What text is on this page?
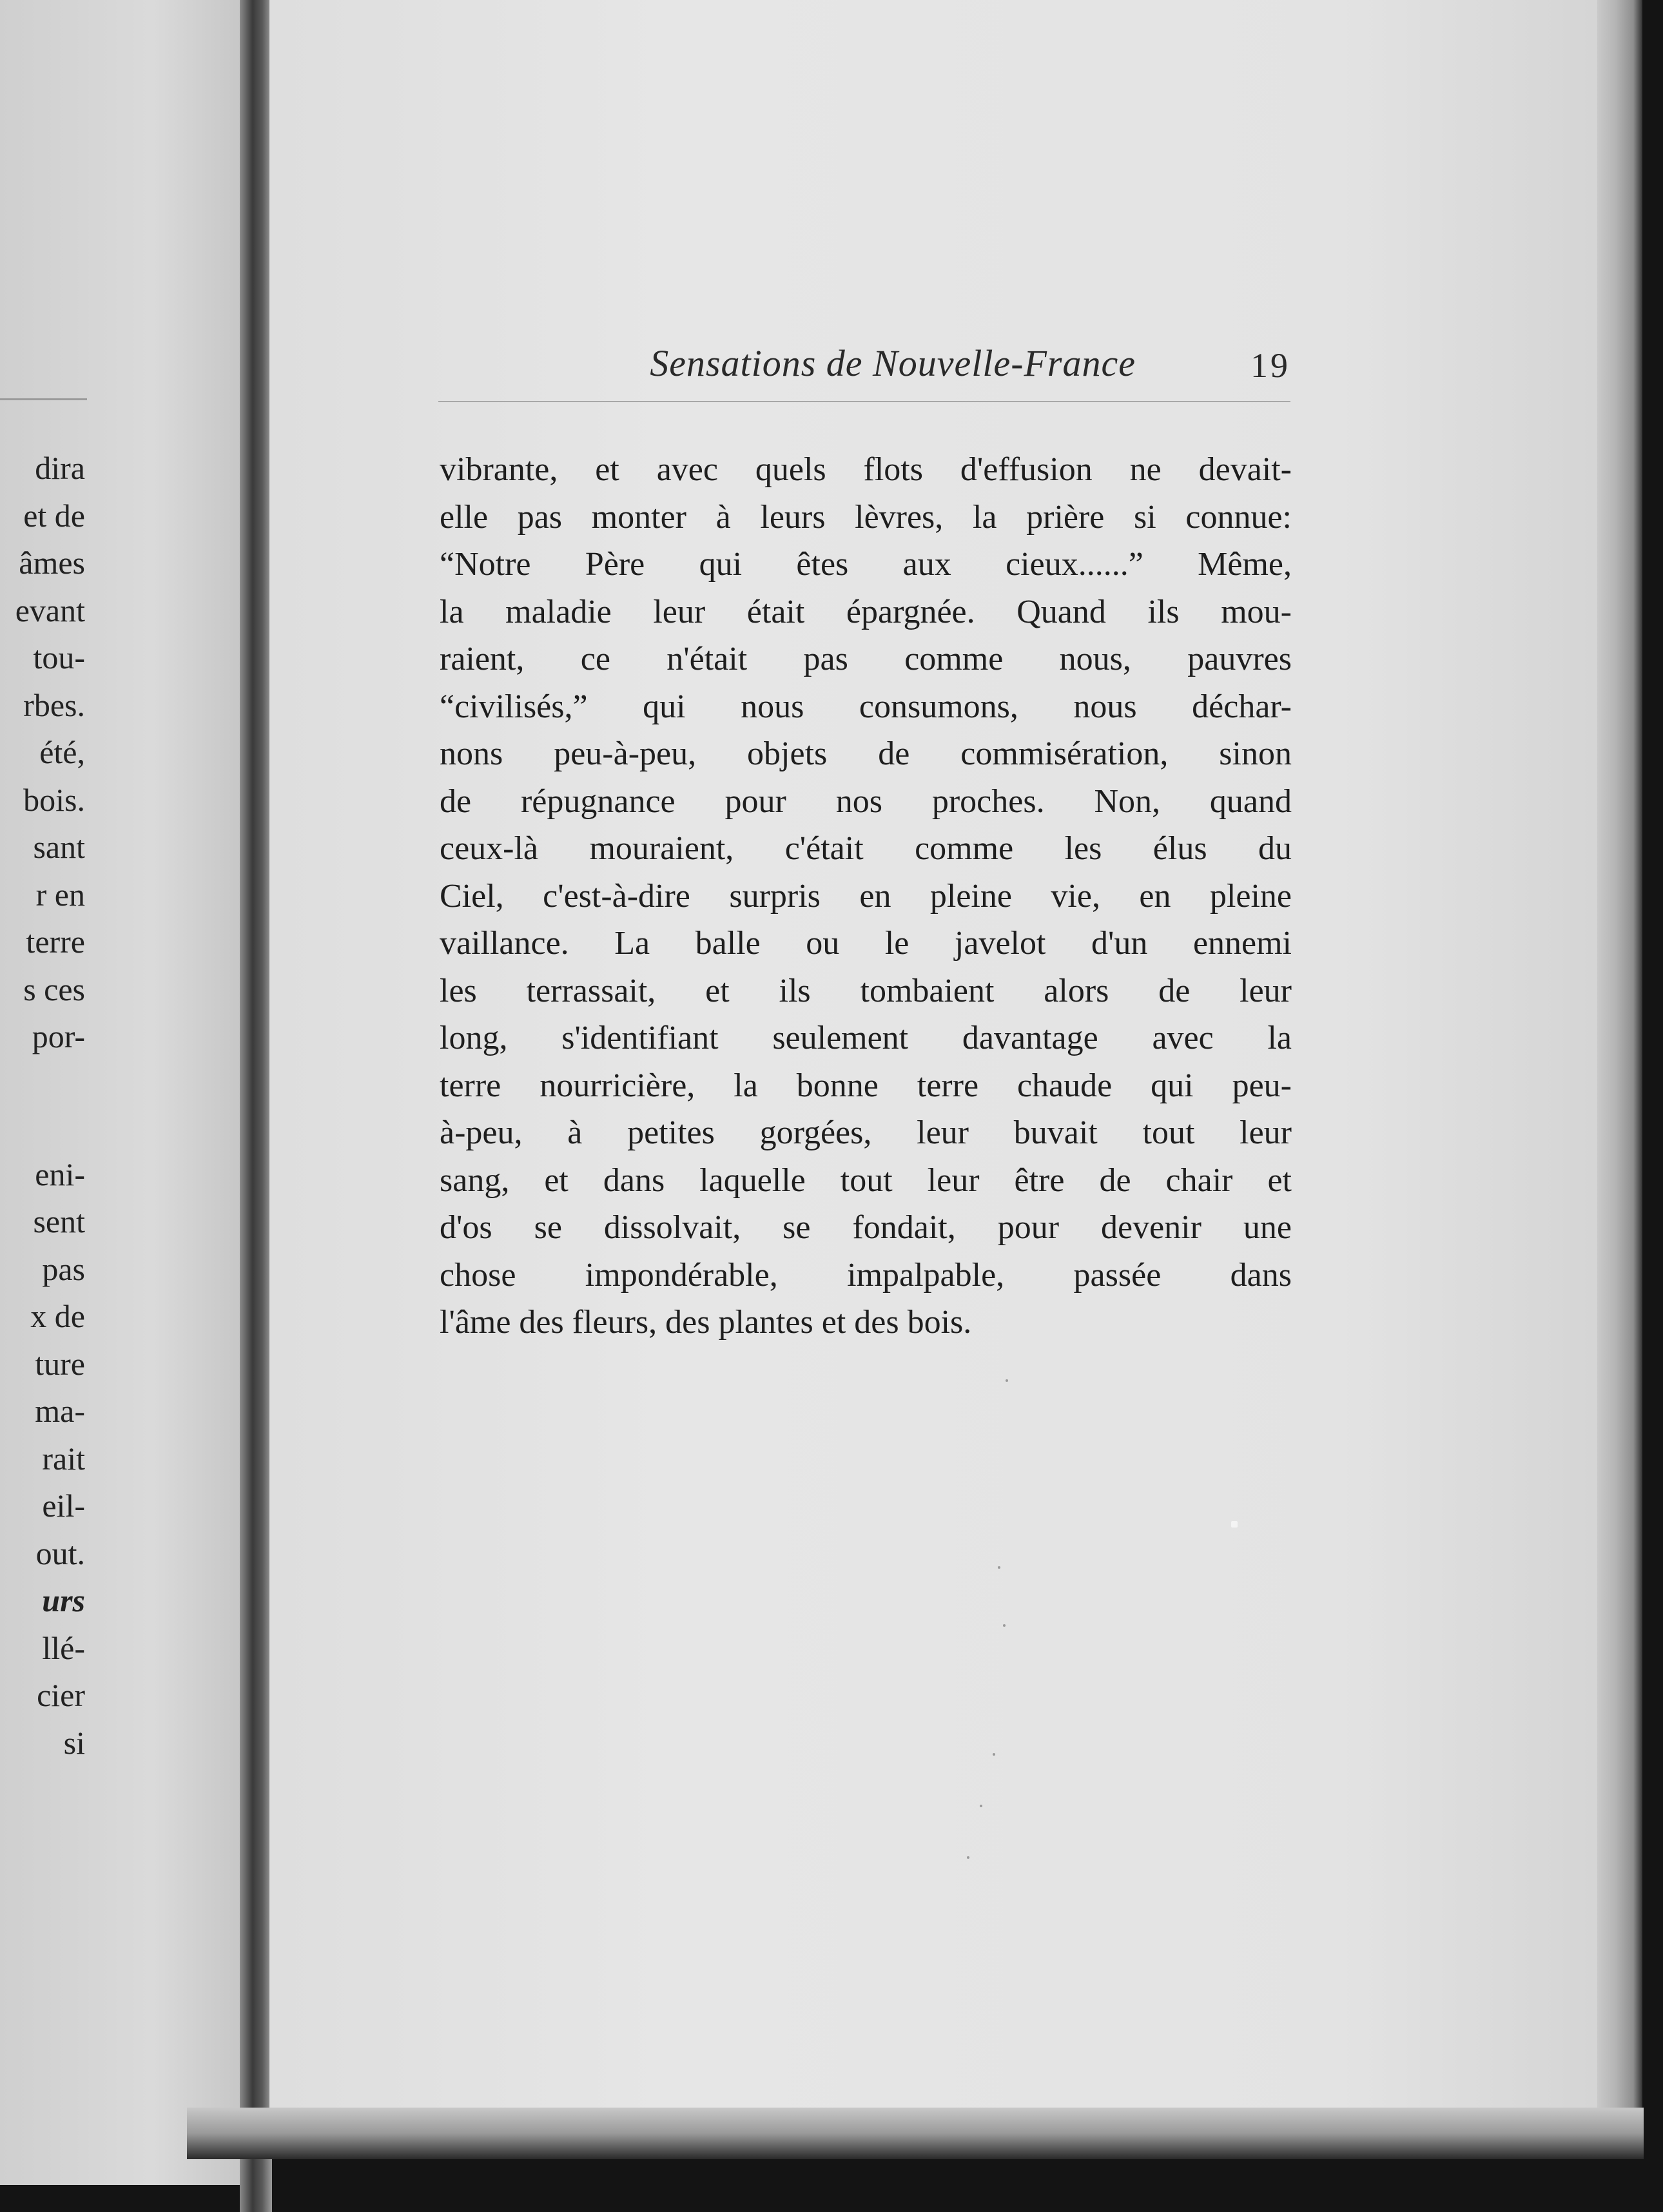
dira
et de
âmes
evant
tou-
rbes.
été,
bois.
sant
r en
terre
s ces
por-
eni-
sent
pas
x de
ture
ma-
rait
eil-
out.
urs
llé-
cier
si
Sensations de Nouvelle-France	19
vibrante, et avec quels flots d'effusion ne devait-
elle pas monter à leurs lèvres, la prière si connue:
“Notre Père qui êtes aux cieux......” Même,
la maladie leur était épargnée. Quand ils mou-
raient, ce n'était pas comme nous, pauvres
“civilisés,” qui nous consumons, nous déchar-
nons peu-à-peu, objets de commisération, sinon
de répugnance pour nos proches. Non, quand
ceux-là mouraient, c'était comme les élus du
Ciel, c'est-à-dire surpris en pleine vie, en pleine
vaillance. La balle ou le javelot d'un ennemi
les terrassait, et ils tombaient alors de leur
long, s'identifiant seulement davantage avec la
terre nourricière, la bonne terre chaude qui peu-
à-peu, à petites gorgées, leur buvait tout leur
sang, et dans laquelle tout leur être de chair et
d'os se dissolvait, se fondait, pour devenir une
chose impondérable, impalpable, passée dans
l'âme des fleurs, des plantes et des bois.
